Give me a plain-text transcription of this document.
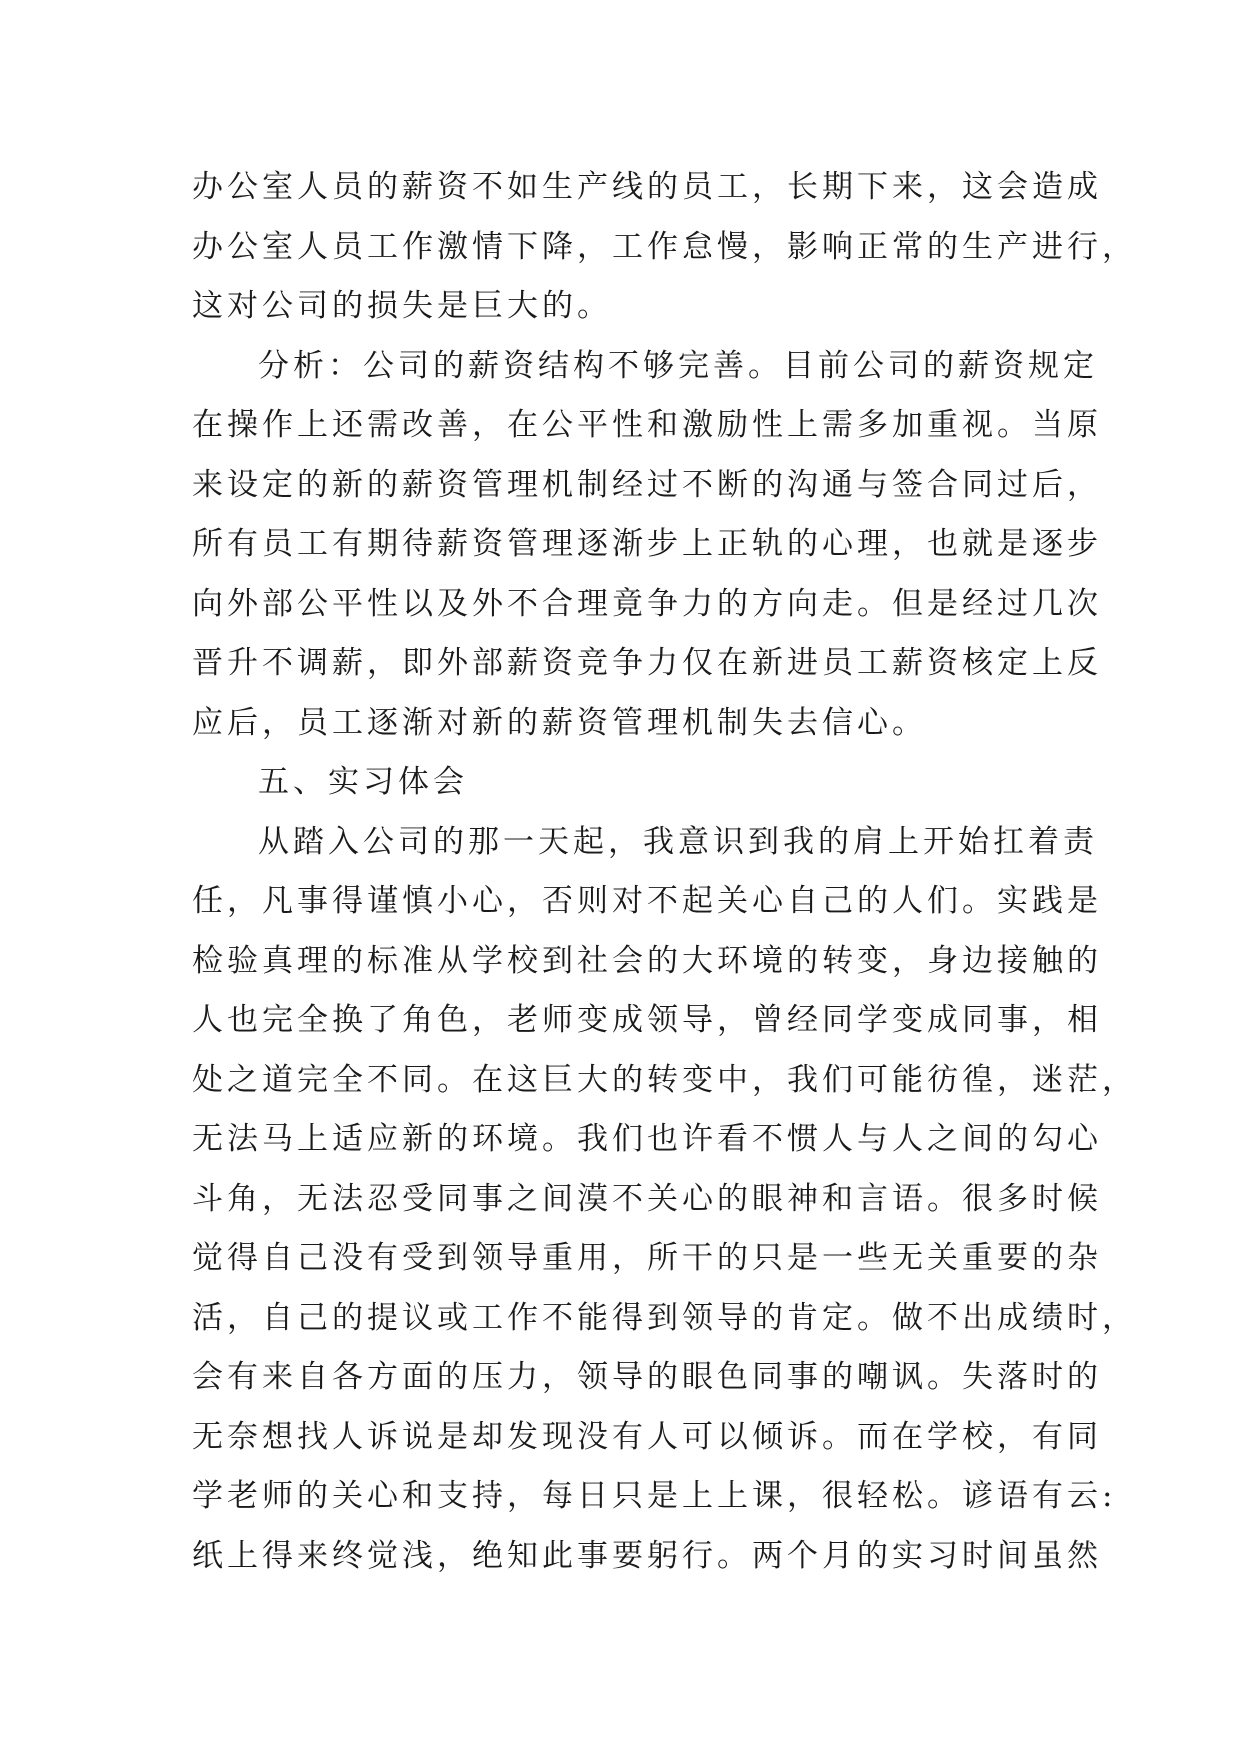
办公室人员的薪资不如生产线的员工，长期下来，这会造成
办公室人员工作激情下降，工作怠慢，影响正常的生产进行，
这对公司的损失是巨大的。
分析：公司的薪资结构不够完善。目前公司的薪资规定
在操作上还需改善，在公平性和激励性上需多加重视。当原
来设定的新的薪资管理机制经过不断的沟通与签合同过后，
所有员工有期待薪资管理逐渐步上正轨的心理，也就是逐步
向外部公平性以及外不合理竟争力的方向走。但是经过几次
晋升不调薪，即外部薪资竞争力仅在新进员工薪资核定上反
应后，员工逐渐对新的薪资管理机制失去信心。
五、实习体会
从踏入公司的那一天起，我意识到我的肩上开始扛着责
任，凡事得谨慎小心，否则对不起关心自己的人们。实践是
检验真理的标准从学校到社会的大环境的转变，身边接触的
人也完全换了角色，老师变成领导，曾经同学变成同事，相
处之道完全不同。在这巨大的转变中，我们可能彷徨，迷茫，
无法马上适应新的环境。我们也许看不惯人与人之间的勾心
斗角，无法忍受同事之间漠不关心的眼神和言语。很多时候
觉得自己没有受到领导重用，所干的只是一些无关重要的杂
活，自己的提议或工作不能得到领导的肯定。做不出成绩时，
会有来自各方面的压力，领导的眼色同事的嘲讽。失落时的
无奈想找人诉说是却发现没有人可以倾诉。而在学校，有同
学老师的关心和支持，每日只是上上课，很轻松。谚语有云:
纸上得来终觉浅，绝知此事要躬行。两个月的实习时间虽然
